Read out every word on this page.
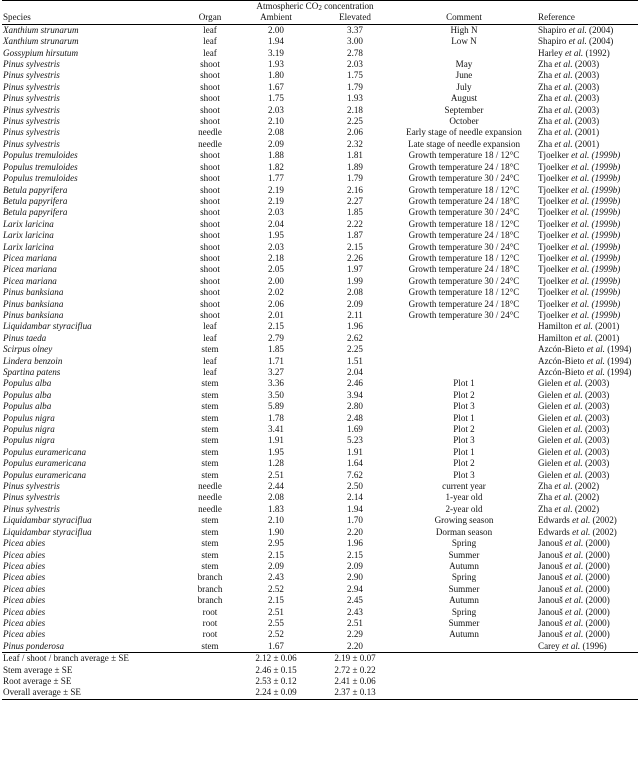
		Atmospheric $CO_2$ concentration			
Species	Organ	Ambient	Elevated	Comment	Reference
Xanthium strunarum	leaf	2.00	3.37	High N	Shapiro et al. (2004)
Xanthium strunarum	leaf	1.94	3.00	Low N	Shapiro et al. (2004)
Gossypium hirsutum	leaf	3.19	2.78		Harley et al. (1992)
Pinus sylvestris	shoot	1.93	2.03	May	Zha et al. (2003)
Pinus sylvestris	shoot	1.80	1.75	June	Zha et al. (2003)
Pinus sylvestris	shoot	1.67	1.79	July	Zha et al. (2003)
Pinus sylvestris	shoot	1.75	1.93	August	Zha et al. (2003)
Pinus sylvestris	shoot	2.03	2.18	September	Zha et al. (2003)
Pinus sylvestris	shoot	2.10	2.25	October	Zha et al. (2003)
Pinus sylvestris	needle	2.08	2.06	Early stage of needle expansion	Zha et al. (2001)
Pinus sylvestris	needle	2.09	2.32	Late stage of needle expansion	Zha et al. (2001)
Populus tremuloides	shoot	1.88	1.81	Growth temperature 18 / 12°C	Tjoelker et al. (1999b)
Populus tremuloides	shoot	1.82	1.89	Growth temperature 24 / 18°C	Tjoelker et al. (1999b)
Populus tremuloides	shoot	1.77	1.79	Growth temperature 30 / 24°C	Tjoelker et al. (1999b)
Betula papyrifera	shoot	2.19	2.16	Growth temperature 18 / 12°C	Tjoelker et al. (1999b)
Betula papyrifera	shoot	2.19	2.27	Growth temperature 24 / 18°C	Tjoelker et al. (1999b)
Betula papyrifera	shoot	2.03	1.85	Growth temperature 30 / 24°C	Tjoelker et al. (1999b)
Larix laricina	shoot	2.04	2.22	Growth temperature 18 / 12°C	Tjoelker et al. (1999b)
Larix laricina	shoot	1.95	1.87	Growth temperature 24 / 18°C	Tjoelker et al. (1999b)
Larix laricina	shoot	2.03	2.15	Growth temperature 30 / 24°C	Tjoelker et al. (1999b)
Picea mariana	shoot	2.18	2.26	Growth temperature 18 / 12°C	Tjoelker et al. (1999b)
Picea mariana	shoot	2.05	1.97	Growth temperature 24 / 18°C	Tjoelker et al. (1999b)
Picea mariana	shoot	2.00	1.99	Growth temperature 30 / 24°C	Tjoelker et al. (1999b)
Pinus banksiana	shoot	2.02	2.08	Growth temperature 18 / 12°C	Tjoelker et al. (1999b)
Pinus banksiana	shoot	2.06	2.09	Growth temperature 24 / 18°C	Tjoelker et al. (1999b)
Pinus banksiana	shoot	2.01	2.11	Growth temperature 30 / 24°C	Tjoelker et al. (1999b)
Liquidambar styraciflua	leaf	2.15	1.96		Hamilton et al. (2001)
Pinus taeda	leaf	2.79	2.62		Hamilton et al. (2001)
Scirpus olney	stem	1.85	2.25		Azcón-Bieto et al. (1994)
Lindera benzoin	leaf	1.71	1.51		Azcón-Bieto et al. (1994)
Spartina patens	leaf	3.27	2.04		Azcón-Bieto et al. (1994)
Populus alba	stem	3.36	2.46	Plot 1	Gielen et al. (2003)
Populus alba	stem	3.50	3.94	Plot 2	Gielen et al. (2003)
Populus alba	stem	5.89	2.80	Plot 3	Gielen et al. (2003)
Populus nigra	stem	1.78	2.48	Plot 1	Gielen et al. (2003)
Populus nigra	stem	3.41	1.69	Plot 2	Gielen et al. (2003)
Populus nigra	stem	1.91	5.23	Plot 3	Gielen et al. (2003)
Populus euramericana	stem	1.95	1.91	Plot 1	Gielen et al. (2003)
Populus euramericana	stem	1.28	1.64	Plot 2	Gielen et al. (2003)
Populus euramericana	stem	2.51	7.62	Plot 3	Gielen et al. (2003)
Pinus sylvestris	needle	2.44	2.50	current year	Zha et al. (2002)
Pinus sylvestris	needle	2.08	2.14	1-year old	Zha et al. (2002)
Pinus sylvestris	needle	1.83	1.94	2-year old	Zha et al. (2002)
Liquidambar styraciflua	stem	2.10	1.70	Growing season	Edwards et al. (2002)
Liquidambar styraciflua	stem	1.90	2.20	Dorman season	Edwards et al. (2002)
Picea abies	stem	2.95	1.96	Spring	Janouš et al. (2000)
Picea abies	stem	2.15	2.15	Summer	Janouš et al. (2000)
Picea abies	stem	2.09	2.09	Autumn	Janouš et al. (2000)
Picea abies	branch	2.43	2.90	Spring	Janouš et al. (2000)
Picea abies	branch	2.52	2.94	Summer	Janouš et al. (2000)
Picea abies	branch	2.15	2.45	Autumn	Janouš et al. (2000)
Picea abies	root	2.51	2.43	Spring	Janouš et al. (2000)
Picea abies	root	2.55	2.51	Summer	Janouš et al. (2000)
Picea abies	root	2.52	2.29	Autumn	Janouš et al. (2000)
Pinus ponderosa	stem	1.67	2.20		Carey et al. (1996)
Leaf / shoot / branch average ± SE		2.12 ± 0.06	2.19 ± 0.07		
Stem average ± SE		2.46 ± 0.15	2.72 ± 0.22		
Root average ± SE		2.53 ± 0.12	2.41 ± 0.06		
Overall average ± SE		2.24 ± 0.09	2.37 ± 0.13		
